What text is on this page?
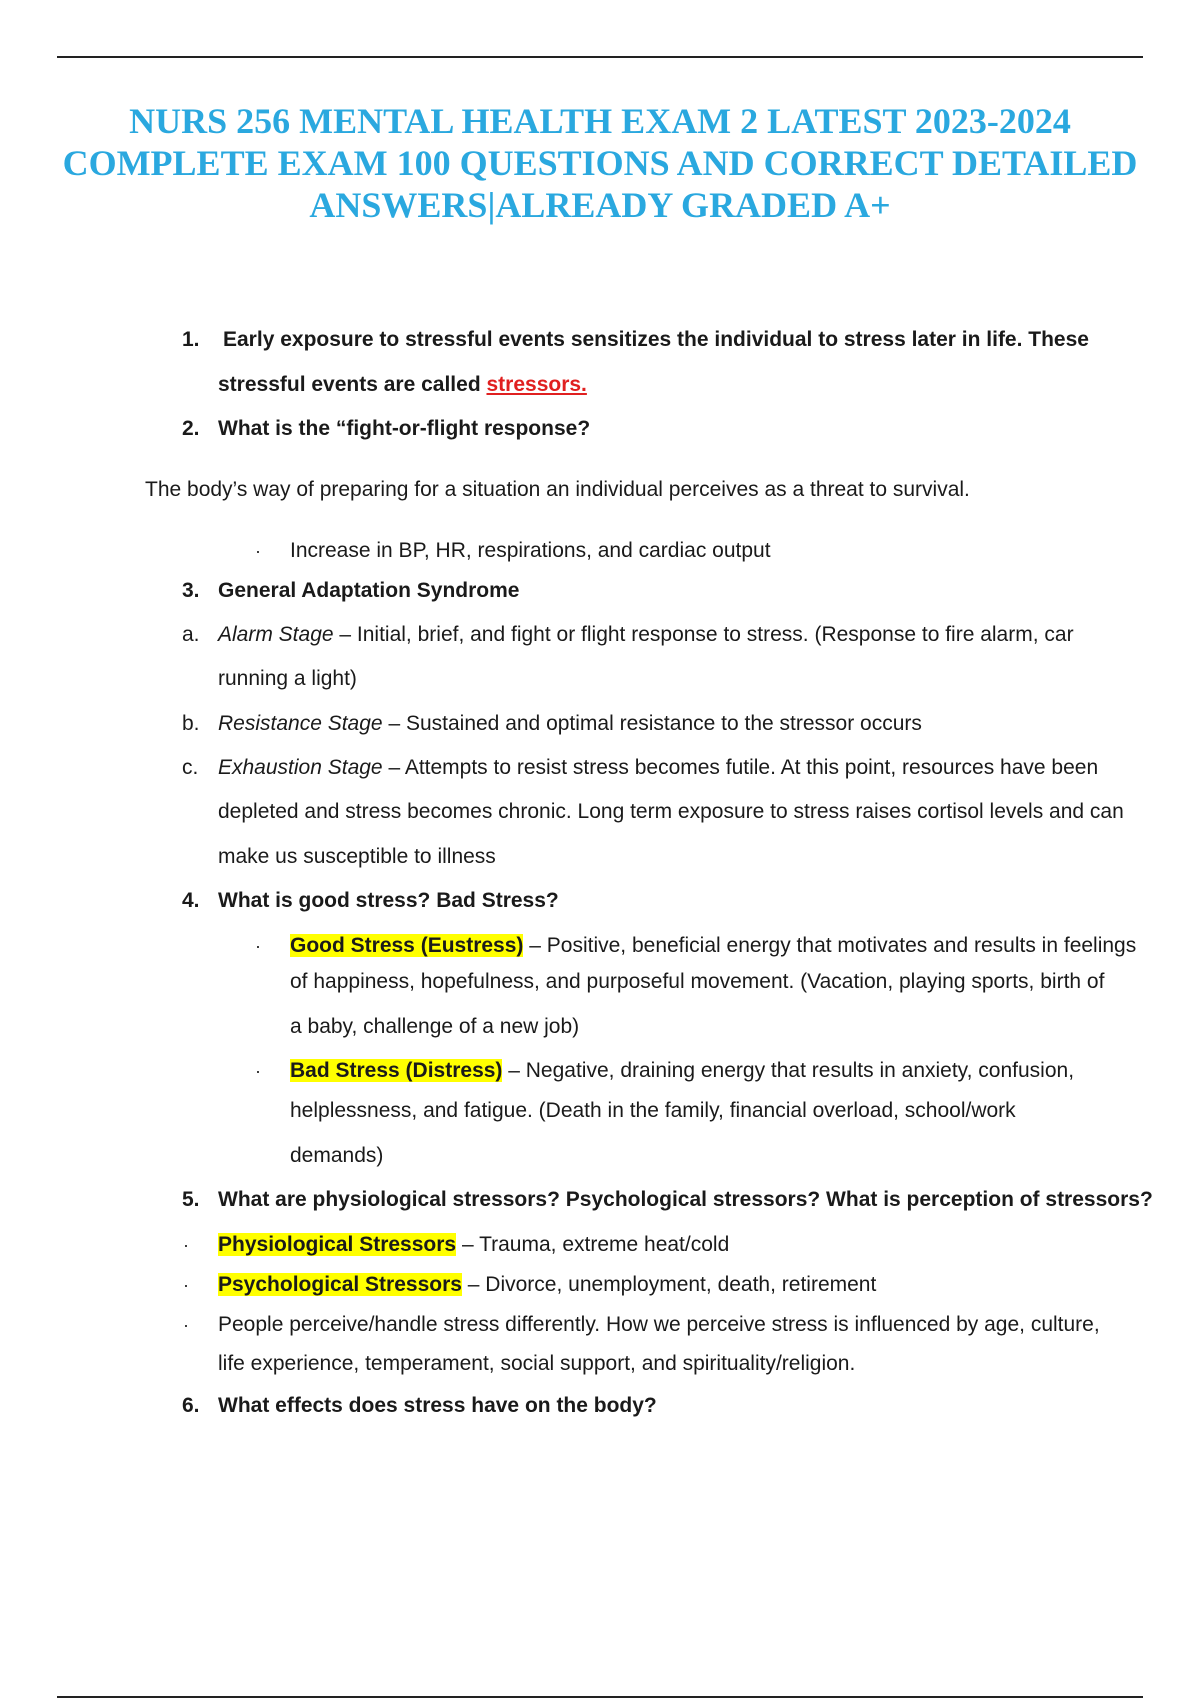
NURS 256 MENTAL HEALTH EXAM 2 LATEST 2023-2024
COMPLETE EXAM 100 QUESTIONS AND CORRECT DETAILED
ANSWERS|ALREADY GRADED A+
1. Early exposure to stressful events sensitizes the individual to stress later in life. These
stressful events are called stressors.
2. What is the “fight-or-flight response?
The body’s way of preparing for a situation an individual perceives as a threat to survival.
· Increase in BP, HR, respirations, and cardiac output
3. General Adaptation Syndrome
a. Alarm Stage – Initial, brief, and fight or flight response to stress. (Response to fire alarm, car
running a light)
b. Resistance Stage – Sustained and optimal resistance to the stressor occurs
c. Exhaustion Stage – Attempts to resist stress becomes futile. At this point, resources have been
depleted and stress becomes chronic. Long term exposure to stress raises cortisol levels and can
make us susceptible to illness
4. What is good stress? Bad Stress?
· Good Stress (Eustress) – Positive, beneficial energy that motivates and results in feelings
of happiness, hopefulness, and purposeful movement. (Vacation, playing sports, birth of
a baby, challenge of a new job)
· Bad Stress (Distress) – Negative, draining energy that results in anxiety, confusion,
helplessness, and fatigue. (Death in the family, financial overload, school/work
demands)
5. What are physiological stressors? Psychological stressors? What is perception of stressors?
· Physiological Stressors – Trauma, extreme heat/cold
· Psychological Stressors – Divorce, unemployment, death, retirement
· People perceive/handle stress differently. How we perceive stress is influenced by age, culture,
life experience, temperament, social support, and spirituality/religion.
6. What effects does stress have on the body?
